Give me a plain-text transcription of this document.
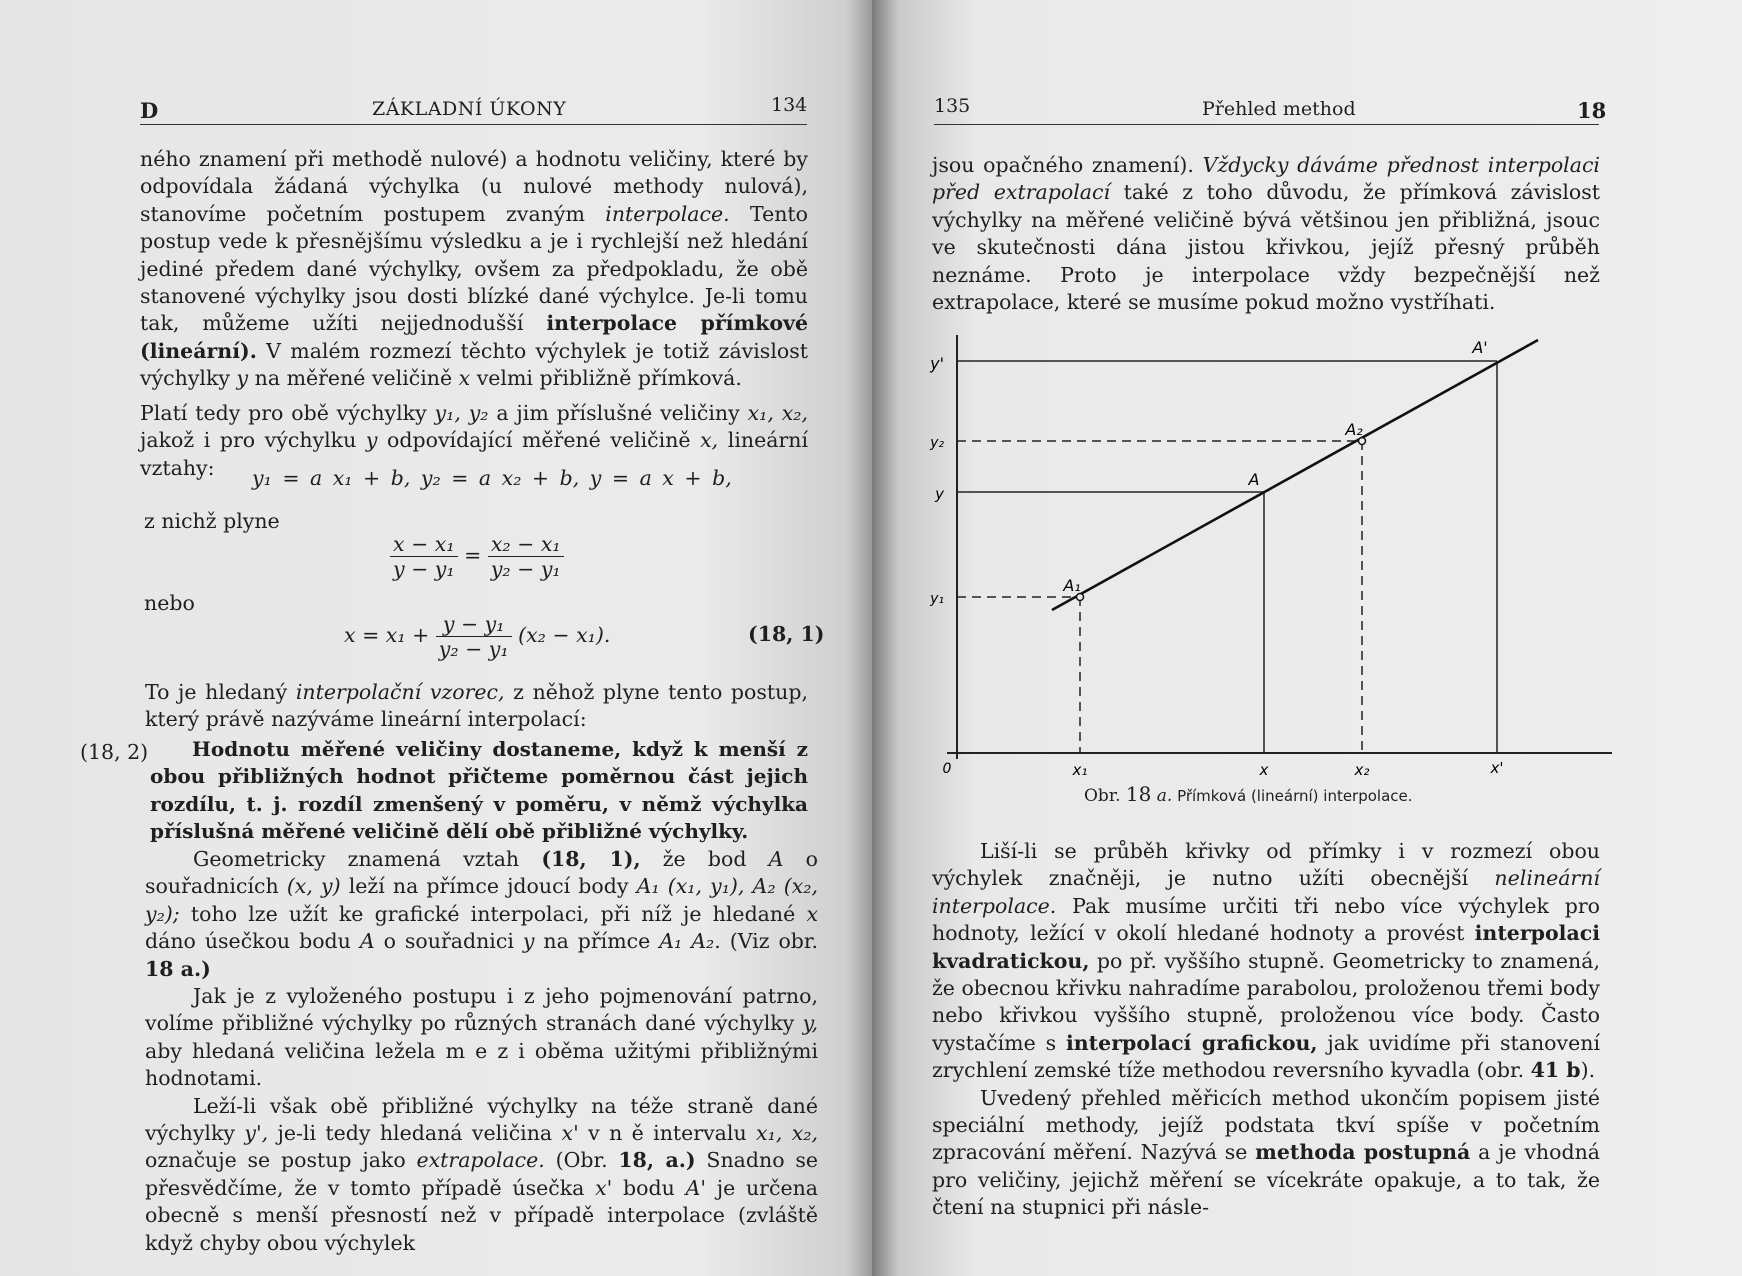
D	ZÁKLADNÍ ÚKONY	134

ného znamení při methodě nulové) a hodnotu veličiny, které by odpovídala žádaná výchylka (u nulové methody nulová), stanovíme početním postupem zvaným interpolace. Tento postup vede k přesnějšímu výsledku a je i rychlejší než hledání jediné předem dané výchylky, ovšem za předpokladu, že obě stanovené výchylky jsou dosti blízké dané výchylce. Je-li tomu tak, můžeme užíti nejjednodušší interpolace přímkové (lineární). V malém rozmezí těchto výchylek je totiž závislost výchylky y na měřené veličině x velmi přibližně přímková.

Platí tedy pro obě výchylky y₁, y₂ a jim příslušné veličiny x₁, x₂, jakož i pro výchylku y odpovídající měřené veličině x, lineární vztahy:	y₁ = a x₁ + b, y₂ = a x₂ + b, y = a x + b,
z nichž plyne
$\frac{\text{x − x₁}}{\text{y − y₁}} = \frac{\text{x₂ − x₁}}{\text{y₂ − y₁}}$
nebo
$x = x_1 + \frac{\text{y − y₁}}{\text{y₂ − y₁}} (x_2 - x_1)$.	(18, 1)

To je hledaný interpolační vzorec, z něhož plyne tento postup, který právě nazýváme lineární interpolací:

(18, 2)	Hodnotu měřené veličiny dostaneme, když k menší z obou přibližných hodnot přičteme poměrnou část jejich rozdílu, t. j. rozdíl zmenšený v poměru, v němž výchylka příslušná měřené veličině dělí obě přibližné výchylky.

Geometricky znamená vztah (18, 1), že bod A o souřadnicích (x, y) leží na přímce jdoucí body A₁ (x₁, y₁), A₂ (x₂, y₂); toho lze užít ke grafické interpolaci, při níž je hledané x dáno úsečkou bodu A o souřadnici y na přímce A₁ A₂. (Viz obr. 18 a.)

Jak je z vyloženého postupu i z jeho pojmenování patrno, volíme přibližné výchylky po různých stranách dané výchylky y, aby hledaná veličina ležela m e z i oběma užitými přibližnými hodnotami.

Leží-li však obě přibližné výchylky na téže straně dané výchylky y', je-li tedy hledaná veličina x' v n ě intervalu x₁, x₂, označuje se postup jako extrapolace. (Obr. 18, a.) Snadno se přesvědčíme, že v tomto případě úsečka x' bodu A' je určena obecně s menší přesností než v případě interpolace (zvláště když chyby obou výchylek

135	Přehled method	18

jsou opačného znamení). Vždycky dáváme přednost interpolaci před extrapolací také z toho důvodu, že přímková závislost výchylky na měřené veličině bývá většinou jen přibližná, jsouc ve skutečnosti dána jistou křivkou, jejíž přesný průběh neznáme. Proto je interpolace vždy bezpečnější než extrapolace, které se musíme pokud možno vystříhati.

y'
y₂
y
y₁
0	x₁	x	x₂	x'
A₁
A
A₂
A'
Obr. 18 a. Přímková (lineární) interpolace.

Liší-li se průběh křivky od přímky i v rozmezí obou výchylek značněji, je nutno užíti obecnější nelineární interpolace. Pak musíme určiti tři nebo více výchylek pro hodnoty, ležící v okolí hledané hodnoty a provést interpolaci kvadratickou, po př. vyššího stupně. Geometricky to znamená, že obecnou křivku nahradíme parabolou, proloženou třemi body nebo křivkou vyššího stupně, proloženou více body. Často vystačíme s interpolací grafickou, jak uvidíme při stanovení zrychlení zemské tíže methodou reversního kyvadla (obr. 41 b).

Uvedený přehled měřicích method ukončím popisem jisté speciální methody, jejíž podstata tkví spíše v početním zpracování měření. Nazývá se methoda postupná a je vhodná pro veličiny, jejichž měření se vícekráte opakuje, a to tak, že čtení na stupnici při násle-
